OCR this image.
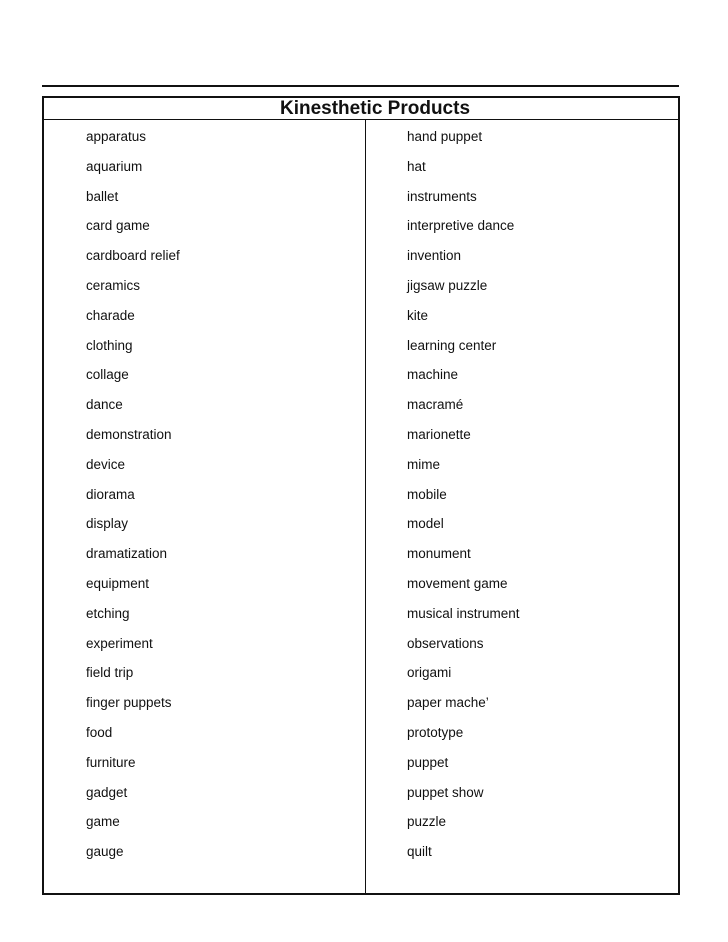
Kinesthetic Products
apparatus
aquarium
ballet
card game
cardboard relief
ceramics
charade
clothing
collage
dance
demonstration
device
diorama
display
dramatization
equipment
etching
experiment
field trip
finger puppets
food
furniture
gadget
game
gauge
hand puppet
hat
instruments
interpretive dance
invention
jigsaw puzzle
kite
learning center
machine
macramé
marionette
mime
mobile
model
monument
movement game
musical instrument
observations
origami
paper mache’
prototype
puppet
puppet show
puzzle
quilt
